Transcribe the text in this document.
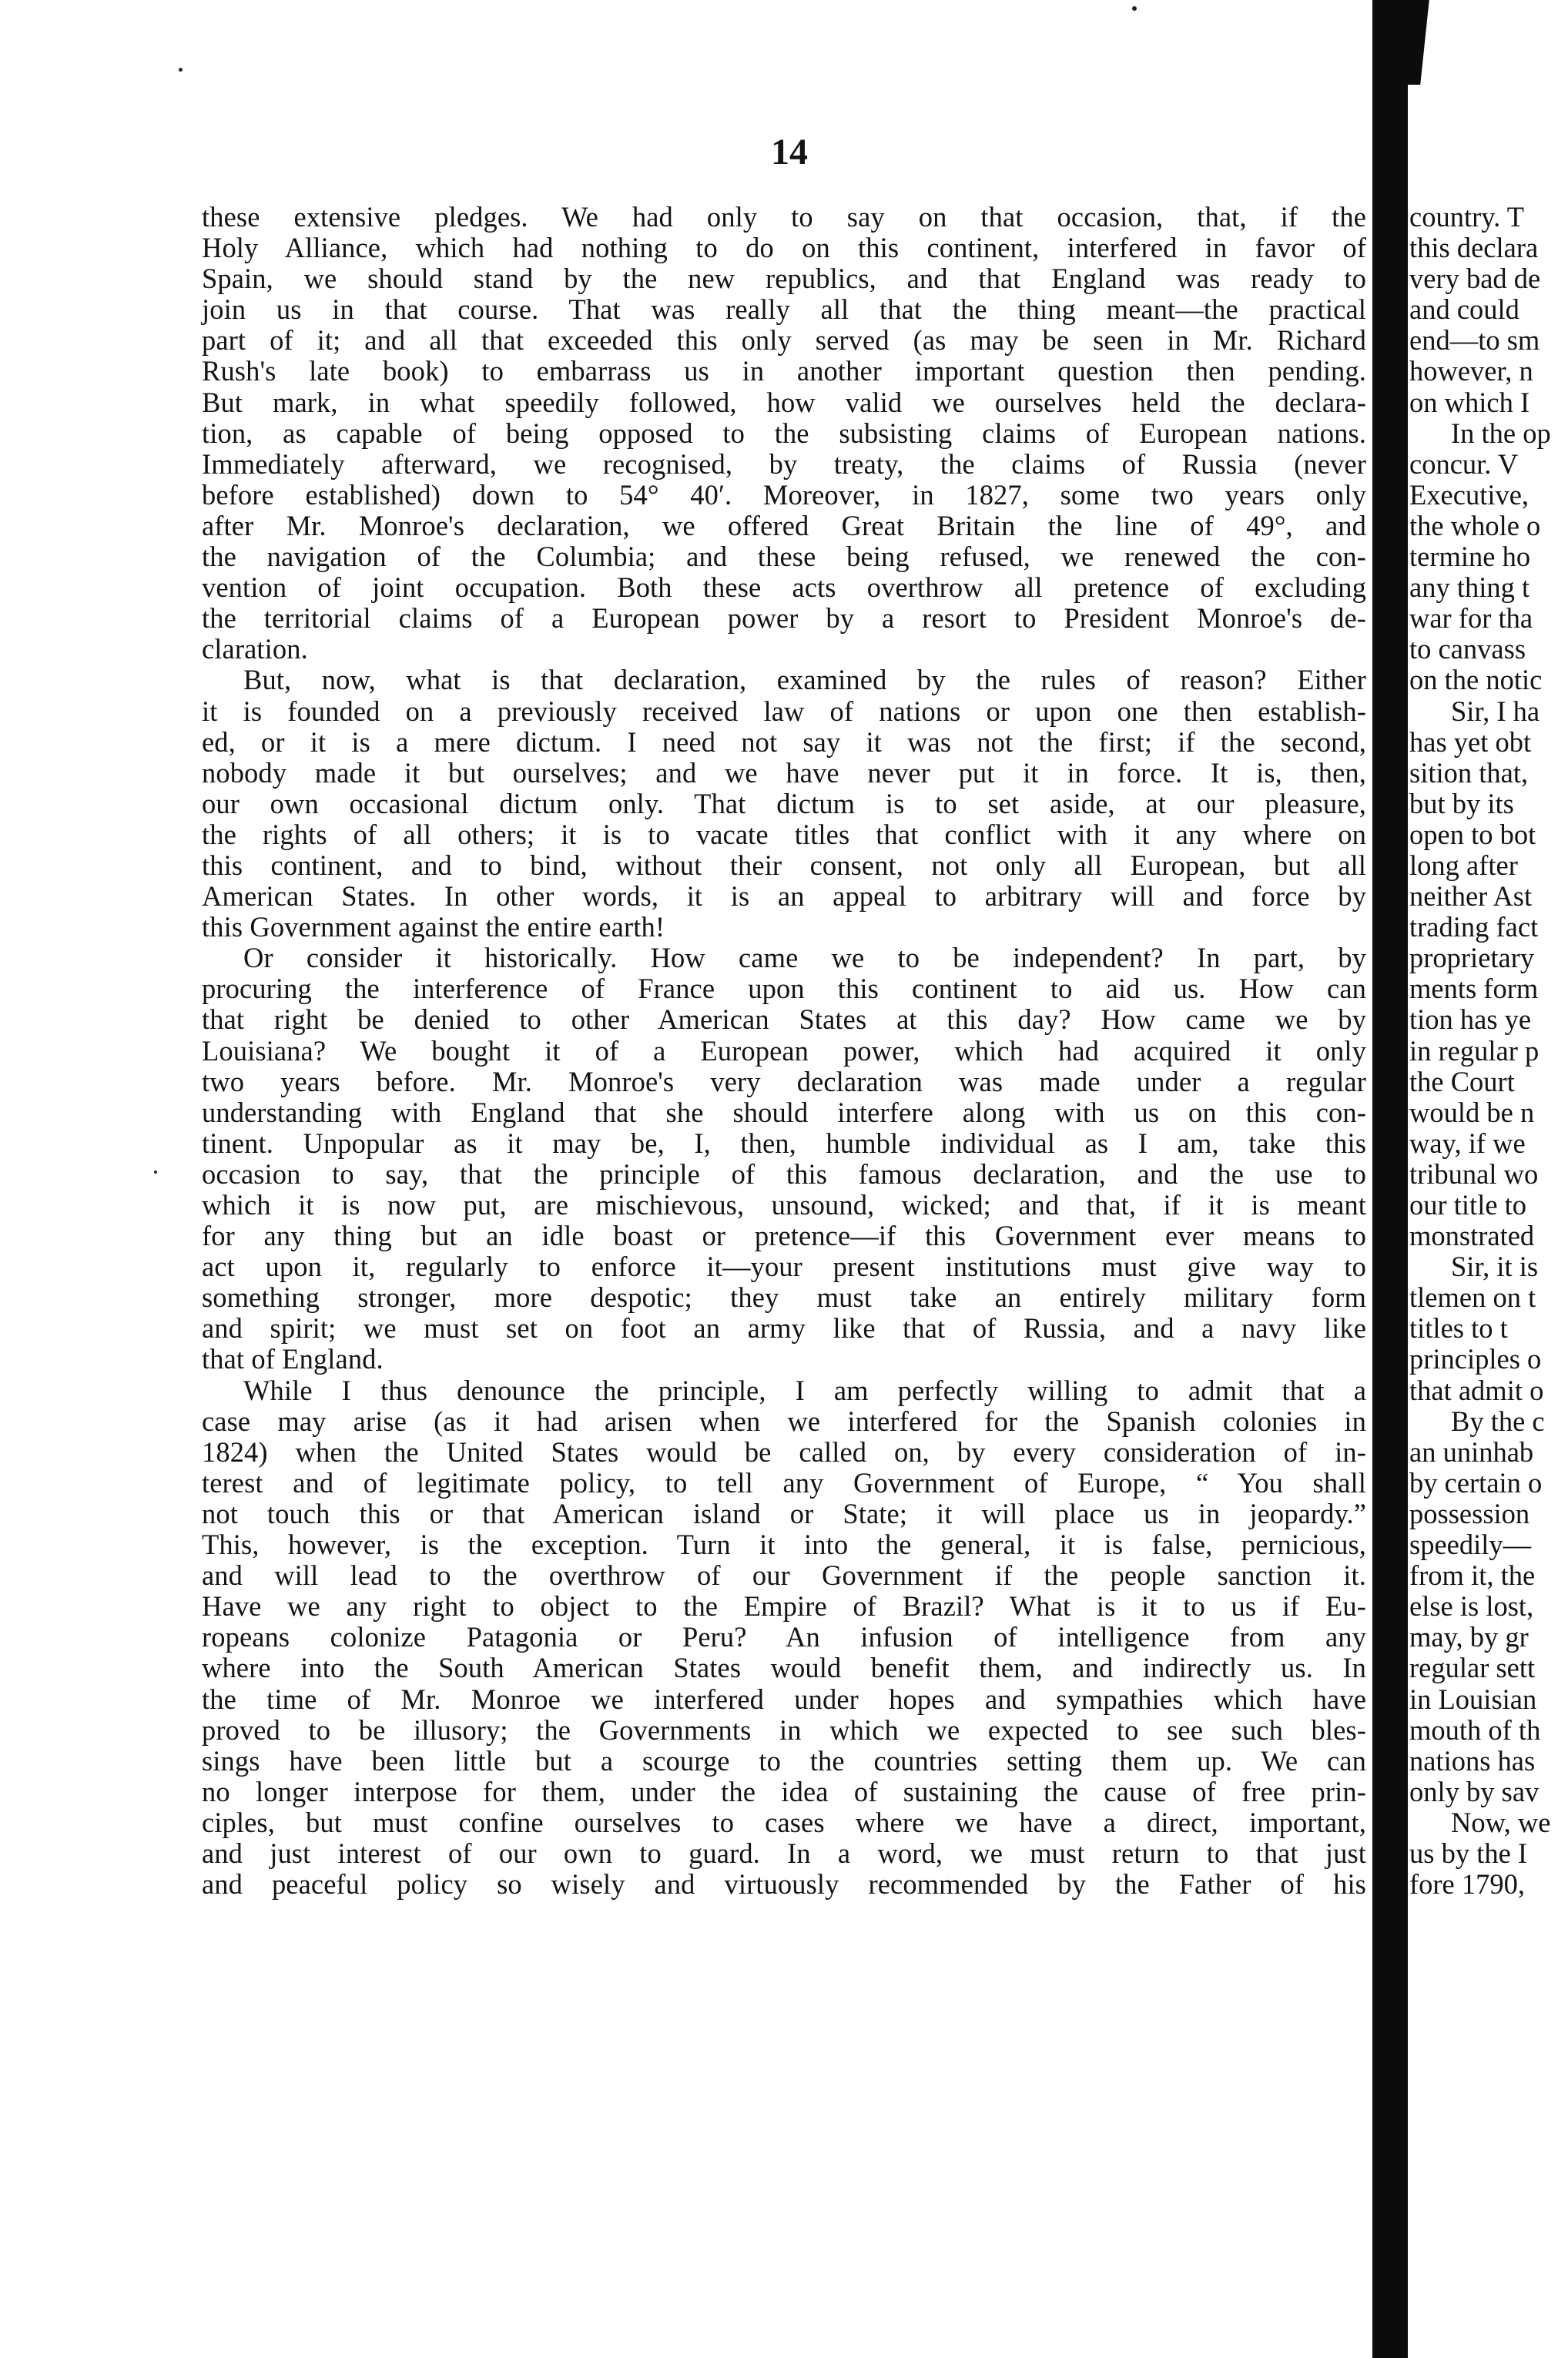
14
these extensive pledges. We had only to say on that occasion, that, if the
Holy Alliance, which had nothing to do on this continent, interfered in favor of
Spain, we should stand by the new republics, and that England was ready to
join us in that course. That was really all that the thing meant—the practical
part of it; and all that exceeded this only served (as may be seen in Mr. Richard
Rush's late book) to embarrass us in another important question then pending.
But mark, in what speedily followed, how valid we ourselves held the declara-
tion, as capable of being opposed to the subsisting claims of European nations.
Immediately afterward, we recognised, by treaty, the claims of Russia (never
before established) down to 54° 40′. Moreover, in 1827, some two years only
after Mr. Monroe's declaration, we offered Great Britain the line of 49°, and
the navigation of the Columbia; and these being refused, we renewed the con-
vention of joint occupation. Both these acts overthrow all pretence of excluding
the territorial claims of a European power by a resort to President Monroe's de-
claration.
But, now, what is that declaration, examined by the rules of reason? Either
it is founded on a previously received law of nations or upon one then establish-
ed, or it is a mere dictum. I need not say it was not the first; if the second,
nobody made it but ourselves; and we have never put it in force. It is, then,
our own occasional dictum only. That dictum is to set aside, at our pleasure,
the rights of all others; it is to vacate titles that conflict with it any where on
this continent, and to bind, without their consent, not only all European, but all
American States. In other words, it is an appeal to arbitrary will and force by
this Government against the entire earth!
Or consider it historically. How came we to be independent? In part, by
procuring the interference of France upon this continent to aid us. How can
that right be denied to other American States at this day? How came we by
Louisiana? We bought it of a European power, which had acquired it only
two years before. Mr. Monroe's very declaration was made under a regular
understanding with England that she should interfere along with us on this con-
tinent. Unpopular as it may be, I, then, humble individual as I am, take this
occasion to say, that the principle of this famous declaration, and the use to
which it is now put, are mischievous, unsound, wicked; and that, if it is meant
for any thing but an idle boast or pretence—if this Government ever means to
act upon it, regularly to enforce it—your present institutions must give way to
something stronger, more despotic; they must take an entirely military form
and spirit; we must set on foot an army like that of Russia, and a navy like
that of England.
While I thus denounce the principle, I am perfectly willing to admit that a
case may arise (as it had arisen when we interfered for the Spanish colonies in
1824) when the United States would be called on, by every consideration of in-
terest and of legitimate policy, to tell any Government of Europe, “ You shall
not touch this or that American island or State; it will place us in jeopardy.”
This, however, is the exception. Turn it into the general, it is false, pernicious,
and will lead to the overthrow of our Government if the people sanction it.
Have we any right to object to the Empire of Brazil? What is it to us if Eu-
ropeans colonize Patagonia or Peru? An infusion of intelligence from any
where into the South American States would benefit them, and indirectly us. In
the time of Mr. Monroe we interfered under hopes and sympathies which have
proved to be illusory; the Governments in which we expected to see such bles-
sings have been little but a scourge to the countries setting them up. We can
no longer interpose for them, under the idea of sustaining the cause of free prin-
ciples, but must confine ourselves to cases where we have a direct, important,
and just interest of our own to guard. In a word, we must return to that just
and peaceful policy so wisely and virtuously recommended by the Father of his
country. T
this declara
very bad de
and could
end—to sm
however, n
on which I
In the op
concur. V
Executive,
the whole o
termine ho
any thing t
war for tha
to canvass
on the notic
Sir, I ha
has yet obt
sition that,
but by its
open to bot
long after
neither Ast
trading fact
proprietary
ments form
tion has ye
in regular p
the Court
would be n
way, if we
tribunal wo
our title to
monstrated
Sir, it is
tlemen on t
titles to t
principles o
that admit o
By the c
an uninhab
by certain o
possession
speedily—
from it, the
else is lost,
may, by gr
regular sett
in Louisian
mouth of th
nations has
only by sav
Now, we
us by the I
fore 1790,
